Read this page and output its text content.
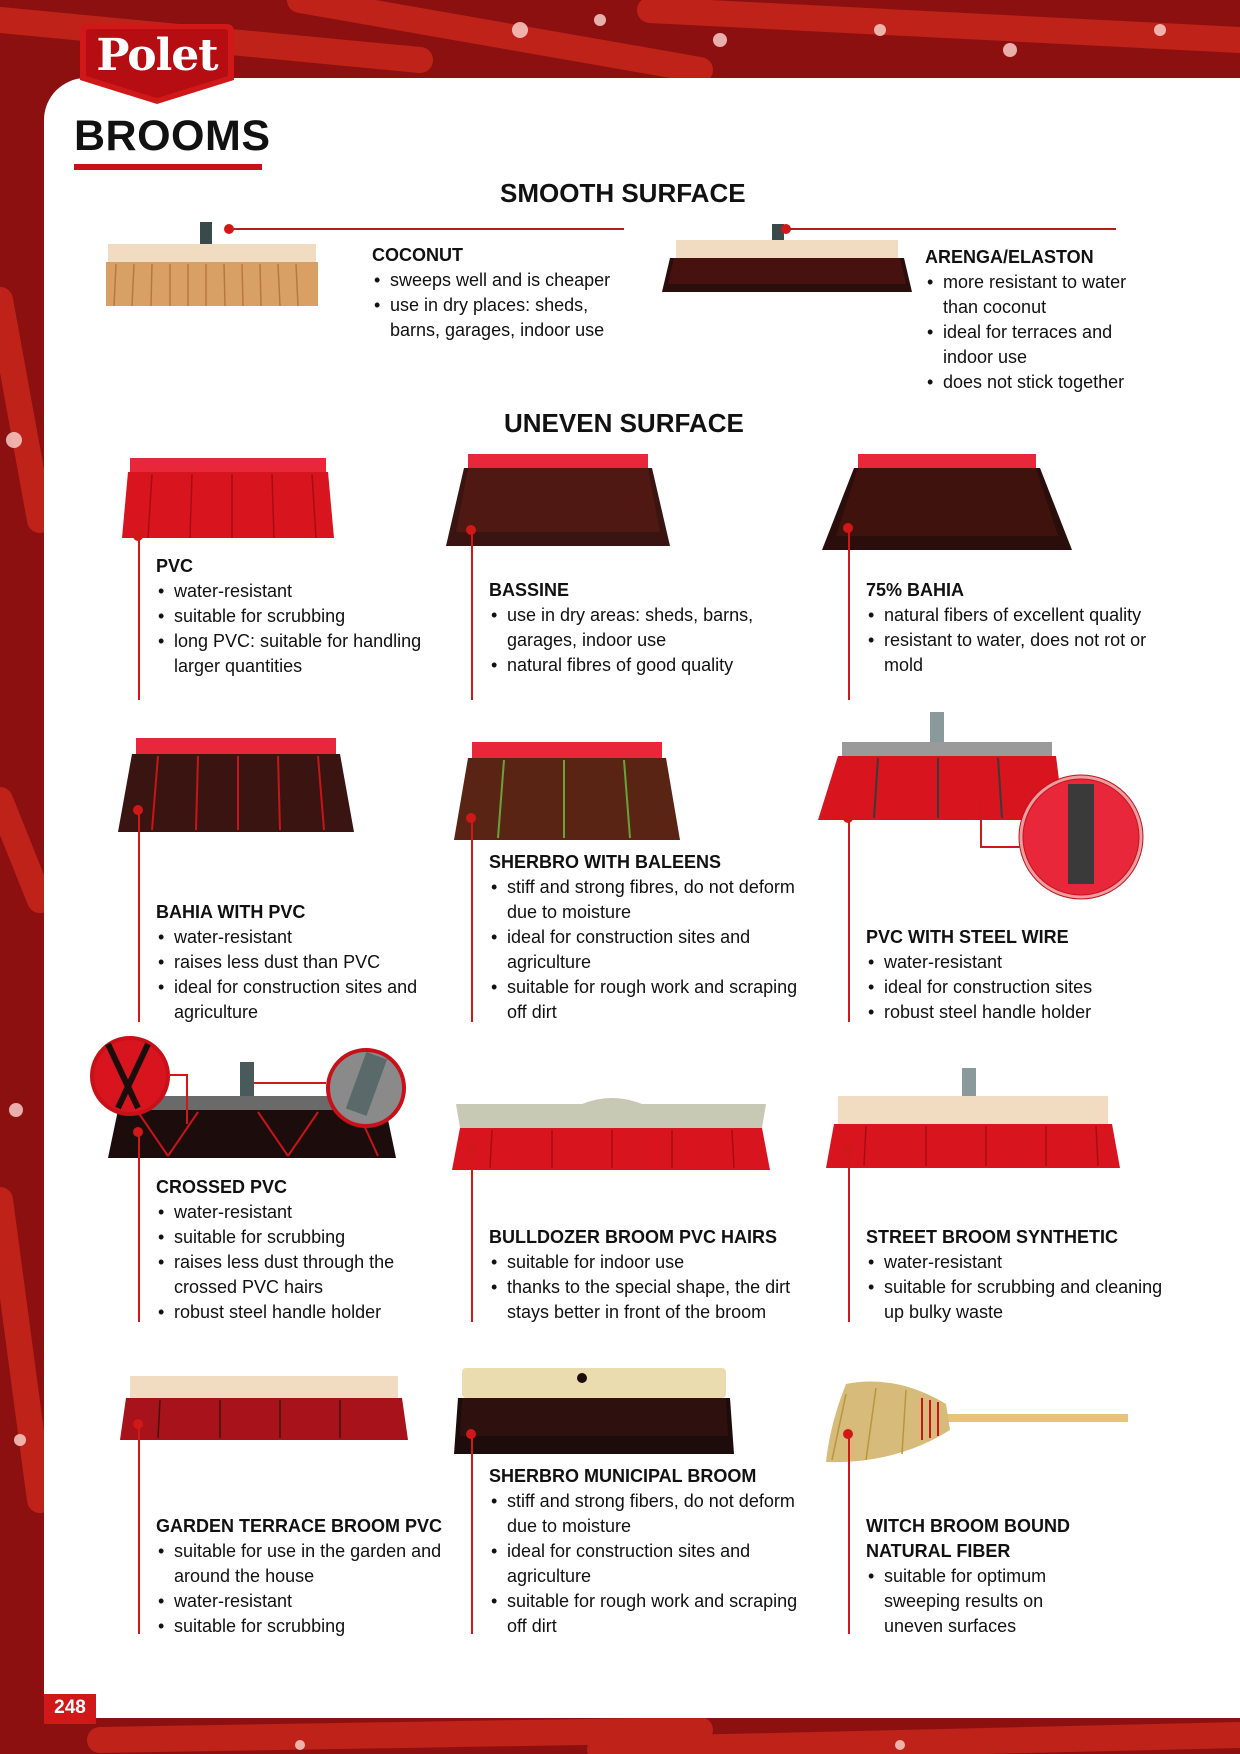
Polet
BROOMS
SMOOTH SURFACE
COCONUT
• sweeps well and is cheaper
• use in dry places: sheds, barns, garages, indoor use
ARENGA/ELASTON
• more resistant to water than coconut
• ideal for terraces and indoor use
• does not stick together
UNEVEN SURFACE
PVC
• water-resistant
• suitable for scrubbing
• long PVC: suitable for handling larger quantities
BASSINE
• use in dry areas: sheds, barns, garages, indoor use
• natural fibres of good quality
75% BAHIA
• natural fibers of excellent quality
• resistant to water, does not rot or mold
BAHIA WITH PVC
• water-resistant
• raises less dust than PVC
• ideal for construction sites and agriculture
SHERBRO WITH BALEENS
• stiff and strong fibres, do not deform due to moisture
• ideal for construction sites and agriculture
• suitable for rough work and scraping off dirt
PVC WITH STEEL WIRE
• water-resistant
• ideal for construction sites
• robust steel handle holder
CROSSED PVC
• water-resistant
• suitable for scrubbing
• raises less dust through the crossed PVC hairs
• robust steel handle holder
BULLDOZER BROOM PVC HAIRS
• suitable for indoor use
• thanks to the special shape, the dirt stays better in front of the broom
STREET BROOM SYNTHETIC
• water-resistant
• suitable for scrubbing and cleaning up bulky waste
GARDEN TERRACE BROOM PVC
• suitable for use in the garden and around the house
• water-resistant
• suitable for scrubbing
SHERBRO MUNICIPAL BROOM
• stiff and strong fibers, do not deform due to moisture
• ideal for construction sites and agriculture
• suitable for rough work and scraping off dirt
WITCH BROOM BOUND NATURAL FIBER
• suitable for optimum sweeping results on uneven surfaces
248
